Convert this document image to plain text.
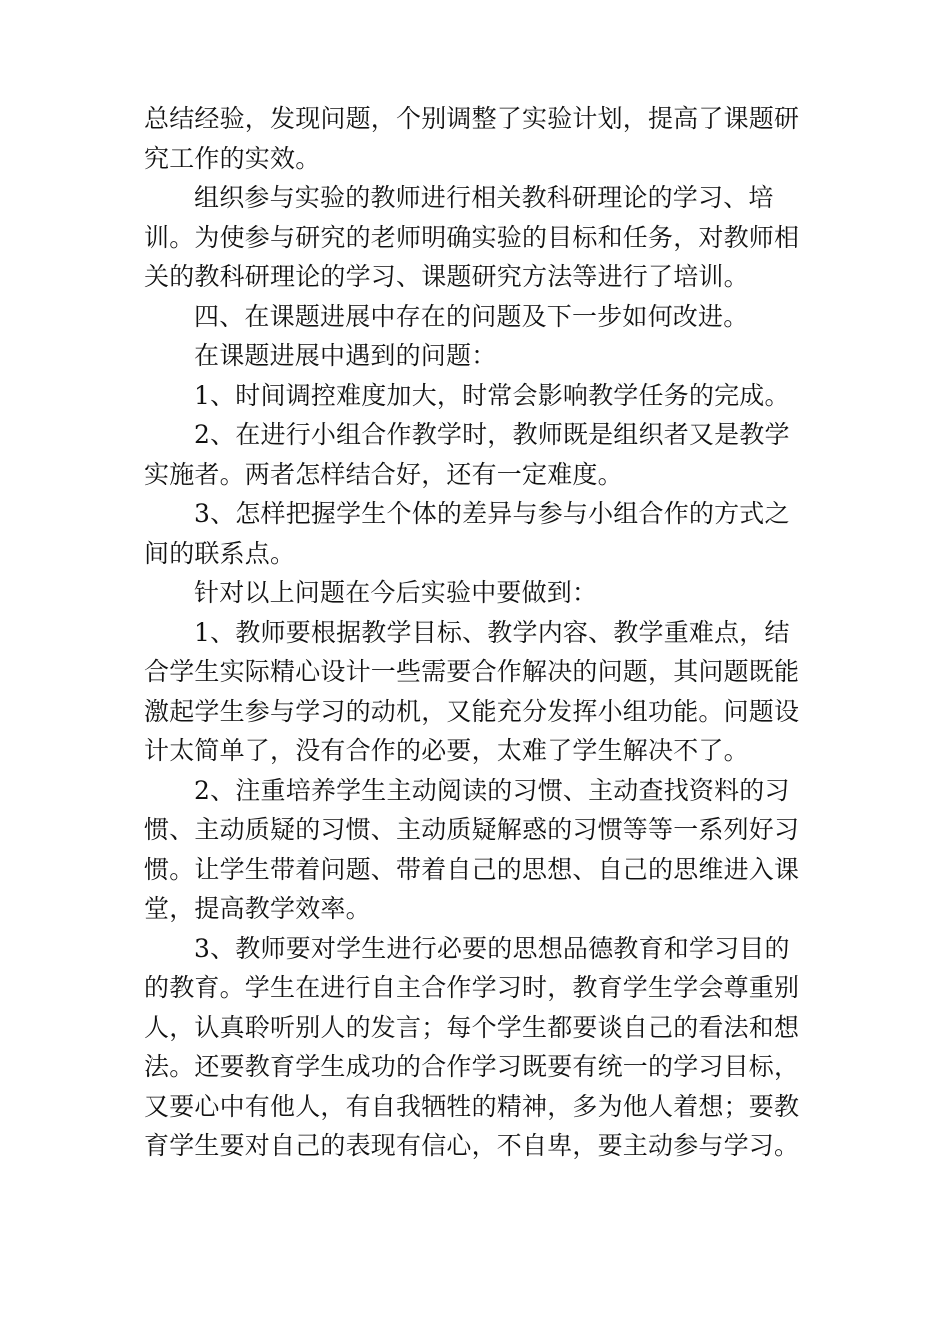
总结经验，发现问题，个别调整了实验计划，提高了课题研
究工作的实效。
组织参与实验的教师进行相关教科研理论的学习、培
训。为使参与研究的老师明确实验的目标和任务，对教师相
关的教科研理论的学习、课题研究方法等进行了培训。
四、在课题进展中存在的问题及下一步如何改进。
在课题进展中遇到的问题：
1、时间调控难度加大，时常会影响教学任务的完成。
2、在进行小组合作教学时，教师既是组织者又是教学
实施者。两者怎样结合好，还有一定难度。
3、怎样把握学生个体的差异与参与小组合作的方式之
间的联系点。
针对以上问题在今后实验中要做到：
1、教师要根据教学目标、教学内容、教学重难点，结
合学生实际精心设计一些需要合作解决的问题，其问题既能
激起学生参与学习的动机，又能充分发挥小组功能。问题设
计太简单了，没有合作的必要，太难了学生解决不了。
2、注重培养学生主动阅读的习惯、主动查找资料的习
惯、主动质疑的习惯、主动质疑解惑的习惯等等一系列好习
惯。让学生带着问题、带着自己的思想、自己的思维进入课
堂，提高教学效率。
3、教师要对学生进行必要的思想品德教育和学习目的
的教育。学生在进行自主合作学习时，教育学生学会尊重别
人，认真聆听别人的发言；每个学生都要谈自己的看法和想
法。还要教育学生成功的合作学习既要有统一的学习目标，
又要心中有他人，有自我牺牲的精神，多为他人着想；要教
育学生要对自己的表现有信心，不自卑，要主动参与学习。
